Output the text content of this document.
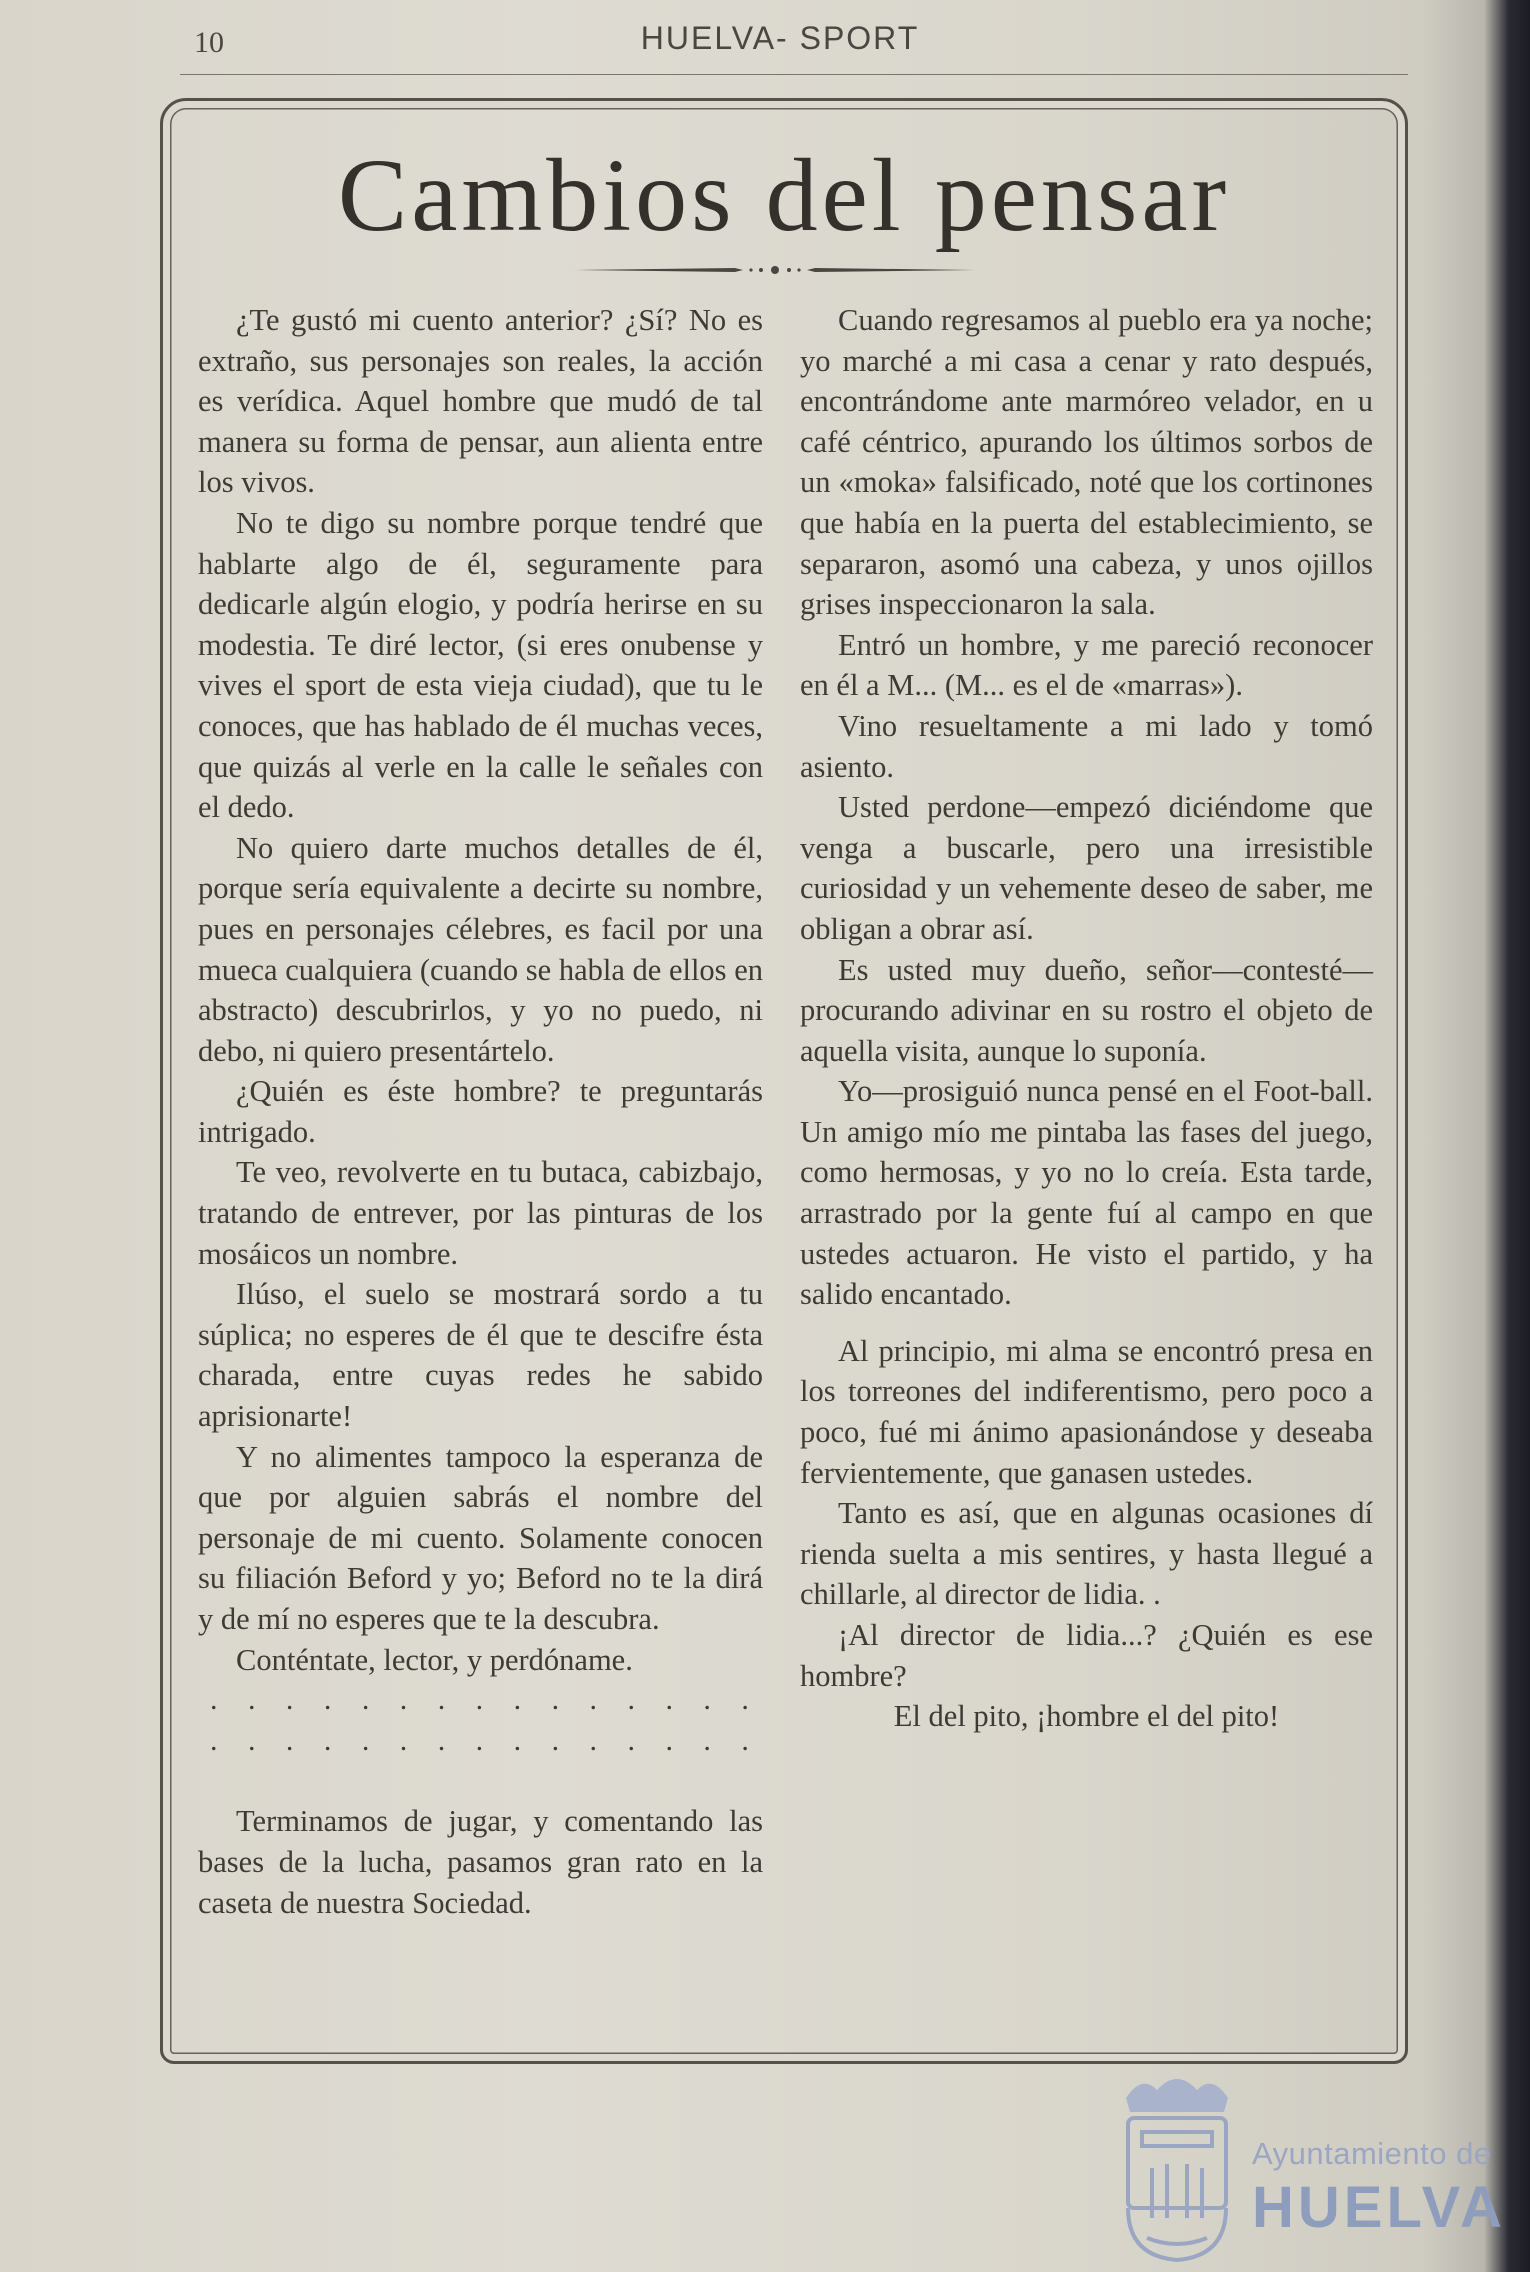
10	HUELVA- SPORT
Cambios del pensar

¿Te gustó mi cuento anterior? ¿Sí? No es extraño, sus personajes son reales, la acción es verídica. Aquel hombre que mudó de tal manera su forma de pensar, aun alienta entre los vivos.

No te digo su nombre porque tendré que hablarte algo de él, seguramente para dedicarle algún elogio, y podría herirse en su modestia. Te diré lector, (si eres onubense y vives el sport de esta vieja ciudad), que tu le conoces, que has hablado de él muchas veces, que quizás al verle en la calle le señales con el dedo.

No quiero darte muchos detalles de él, porque sería equivalente a decirte su nombre, pues en personajes célebres, es facil por una mueca cualquiera (cuando se habla de ellos en abstracto) descubrirlos, y yo no puedo, ni debo, ni quiero presentártelo.

¿Quién es éste hombre? te preguntarás intrigado.

Te veo, revolverte en tu butaca, cabizbajo, tratando de entrever, por las pinturas de los mosáicos un nombre.

Ilúso, el suelo se mostrará sordo a tu súplica; no esperes de él que te descifre ésta charada, entre cuyas redes he sabido aprisionarte!

Y no alimentes tampoco la esperanza de que por alguien sabrás el nombre del personaje de mi cuento. Solamente conocen su filiación Beford y yo; Beford no te la dirá y de mí no esperes que te la descubra.

Conténtate, lector, y perdóname.

. . . . . . . . . . . . . . .
. . . . . . . . . . . . . . .

Terminamos de jugar, y comentando las bases de la lucha, pasamos gran rato en la caseta de nuestra Sociedad.

Cuando regresamos al pueblo era ya noche; yo marché a mi casa a cenar y rato después, encontrándome ante marmóreo velador, en u café céntrico, apurando los últimos sorbos de un «moka» falsificado, noté que los cortinones que había en la puerta del establecimiento, se separaron, asomó una cabeza, y unos ojillos grises inspeccionaron la sala.

Entró un hombre, y me pareció reconocer en él a M... (M... es el de «marras»).

Vino resueltamente a mi lado y tomó asiento.

Usted perdone—empezó diciéndome que venga a buscarle, pero una irresistible curiosidad y un vehemente deseo de saber, me obligan a obrar así.

Es usted muy dueño, señor—contesté—procurando adivinar en su rostro el objeto de aquella visita, aunque lo suponía.

Yo—prosiguió nunca pensé en el Foot-ball. Un amigo mío me pintaba las fases del juego, como hermosas, y yo no lo creía. Esta tarde, arrastrado por la gente fuí al campo en que ustedes actuaron. He visto el partido, y ha salido encantado.

Al principio, mi alma se encontró presa en los torreones del indiferentismo, pero poco a poco, fué mi ánimo apasionándose y deseaba fervientemente, que ganasen ustedes.

Tanto es así, que en algunas ocasiones dí rienda suelta a mis sentires, y hasta llegué a chillarle, al director de lidia. .

¡Al director de lidia...? ¿Quién es ese hombre?

El del pito, ¡hombre el del pito!

Ayuntamiento de
HUELVA
